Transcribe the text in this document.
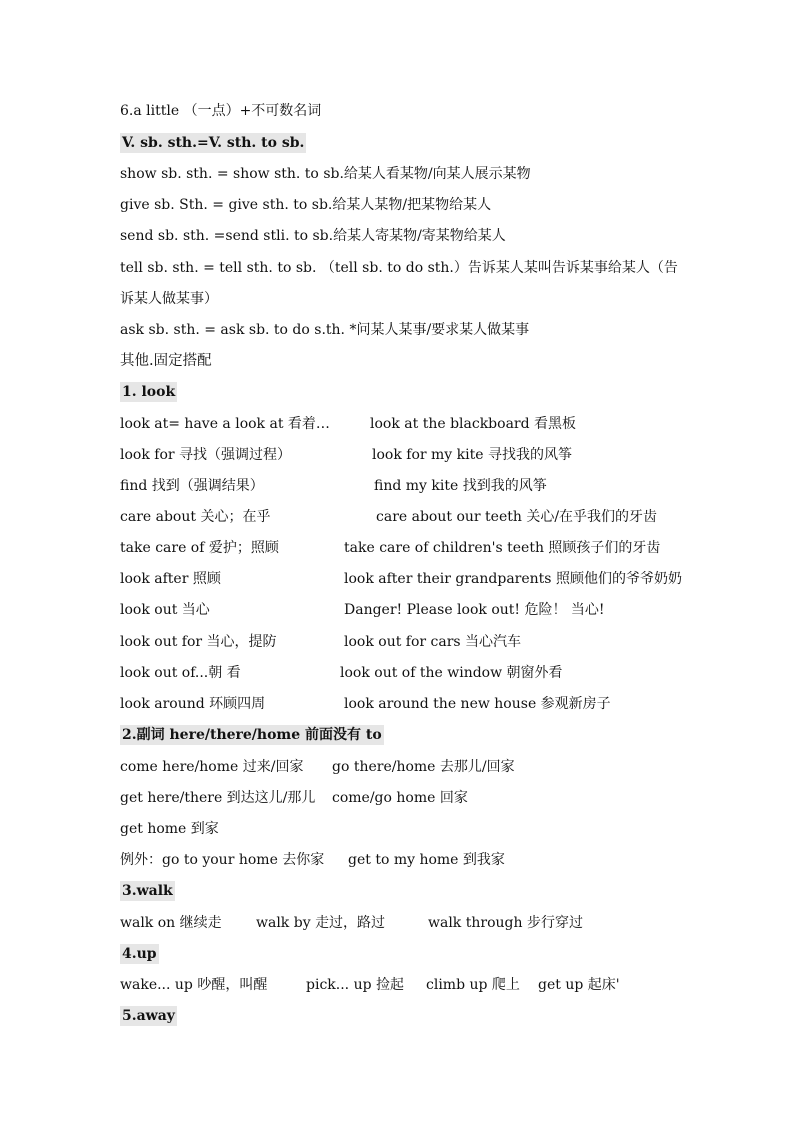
6.a little （一点）+不可数名词
V. sb. sth.=V. sth. to sb.
show sb. sth. = show sth. to sb.给某人看某物/向某人展示某物
give sb. Sth. = give sth. to sb.给某人某物/把某物给某人
send sb. sth. =send stli. to sb.给某人寄某物/寄某物给某人
tell sb. sth. = tell sth. to sb. （tell sb. to do sth.）告诉某人某叫告诉某事给某人（告
诉某人做某事）
ask sb. sth. = ask sb. to do s.th. *问某人某事/要求某人做某事
其他.固定搭配
1. look
look at= have a look at 看着…	look at the blackboard 看黑板
look for 寻找（强调过程）	look for my kite 寻找我的风筝
find 找到（强调结果）	find my kite 找到我的风筝
care about 关心；在乎	care about our teeth 关心/在乎我们的牙齿
take care of 爱护；照顾	take care of children's teeth 照顾孩子们的牙齿
look after 照顾	look after their grandparents 照顾他们的爷爷奶奶
look out 当心	Danger! Please look out! 危险！ 当心!
look out for 当心，提防	look out for cars 当心汽车
look out of...朝 看	look out of the window 朝窗外看
look around 环顾四周	look around the new house 参观新房子
2.副词 here/there/home 前面没有 to
come here/home 过来/回家 go there/home 去那儿/回家
get here/there 到达这儿/那儿 come/go home 回家
get home 到家
例外：go to your home 去你家 get to my home 到我家
3.walk
walk on 继续走 walk by 走过，路过	walk through 步行穿过
4.up
wake... up 吵醒，叫醒	pick... up 捡起 climb up 爬上 get up 起床'
5.away
